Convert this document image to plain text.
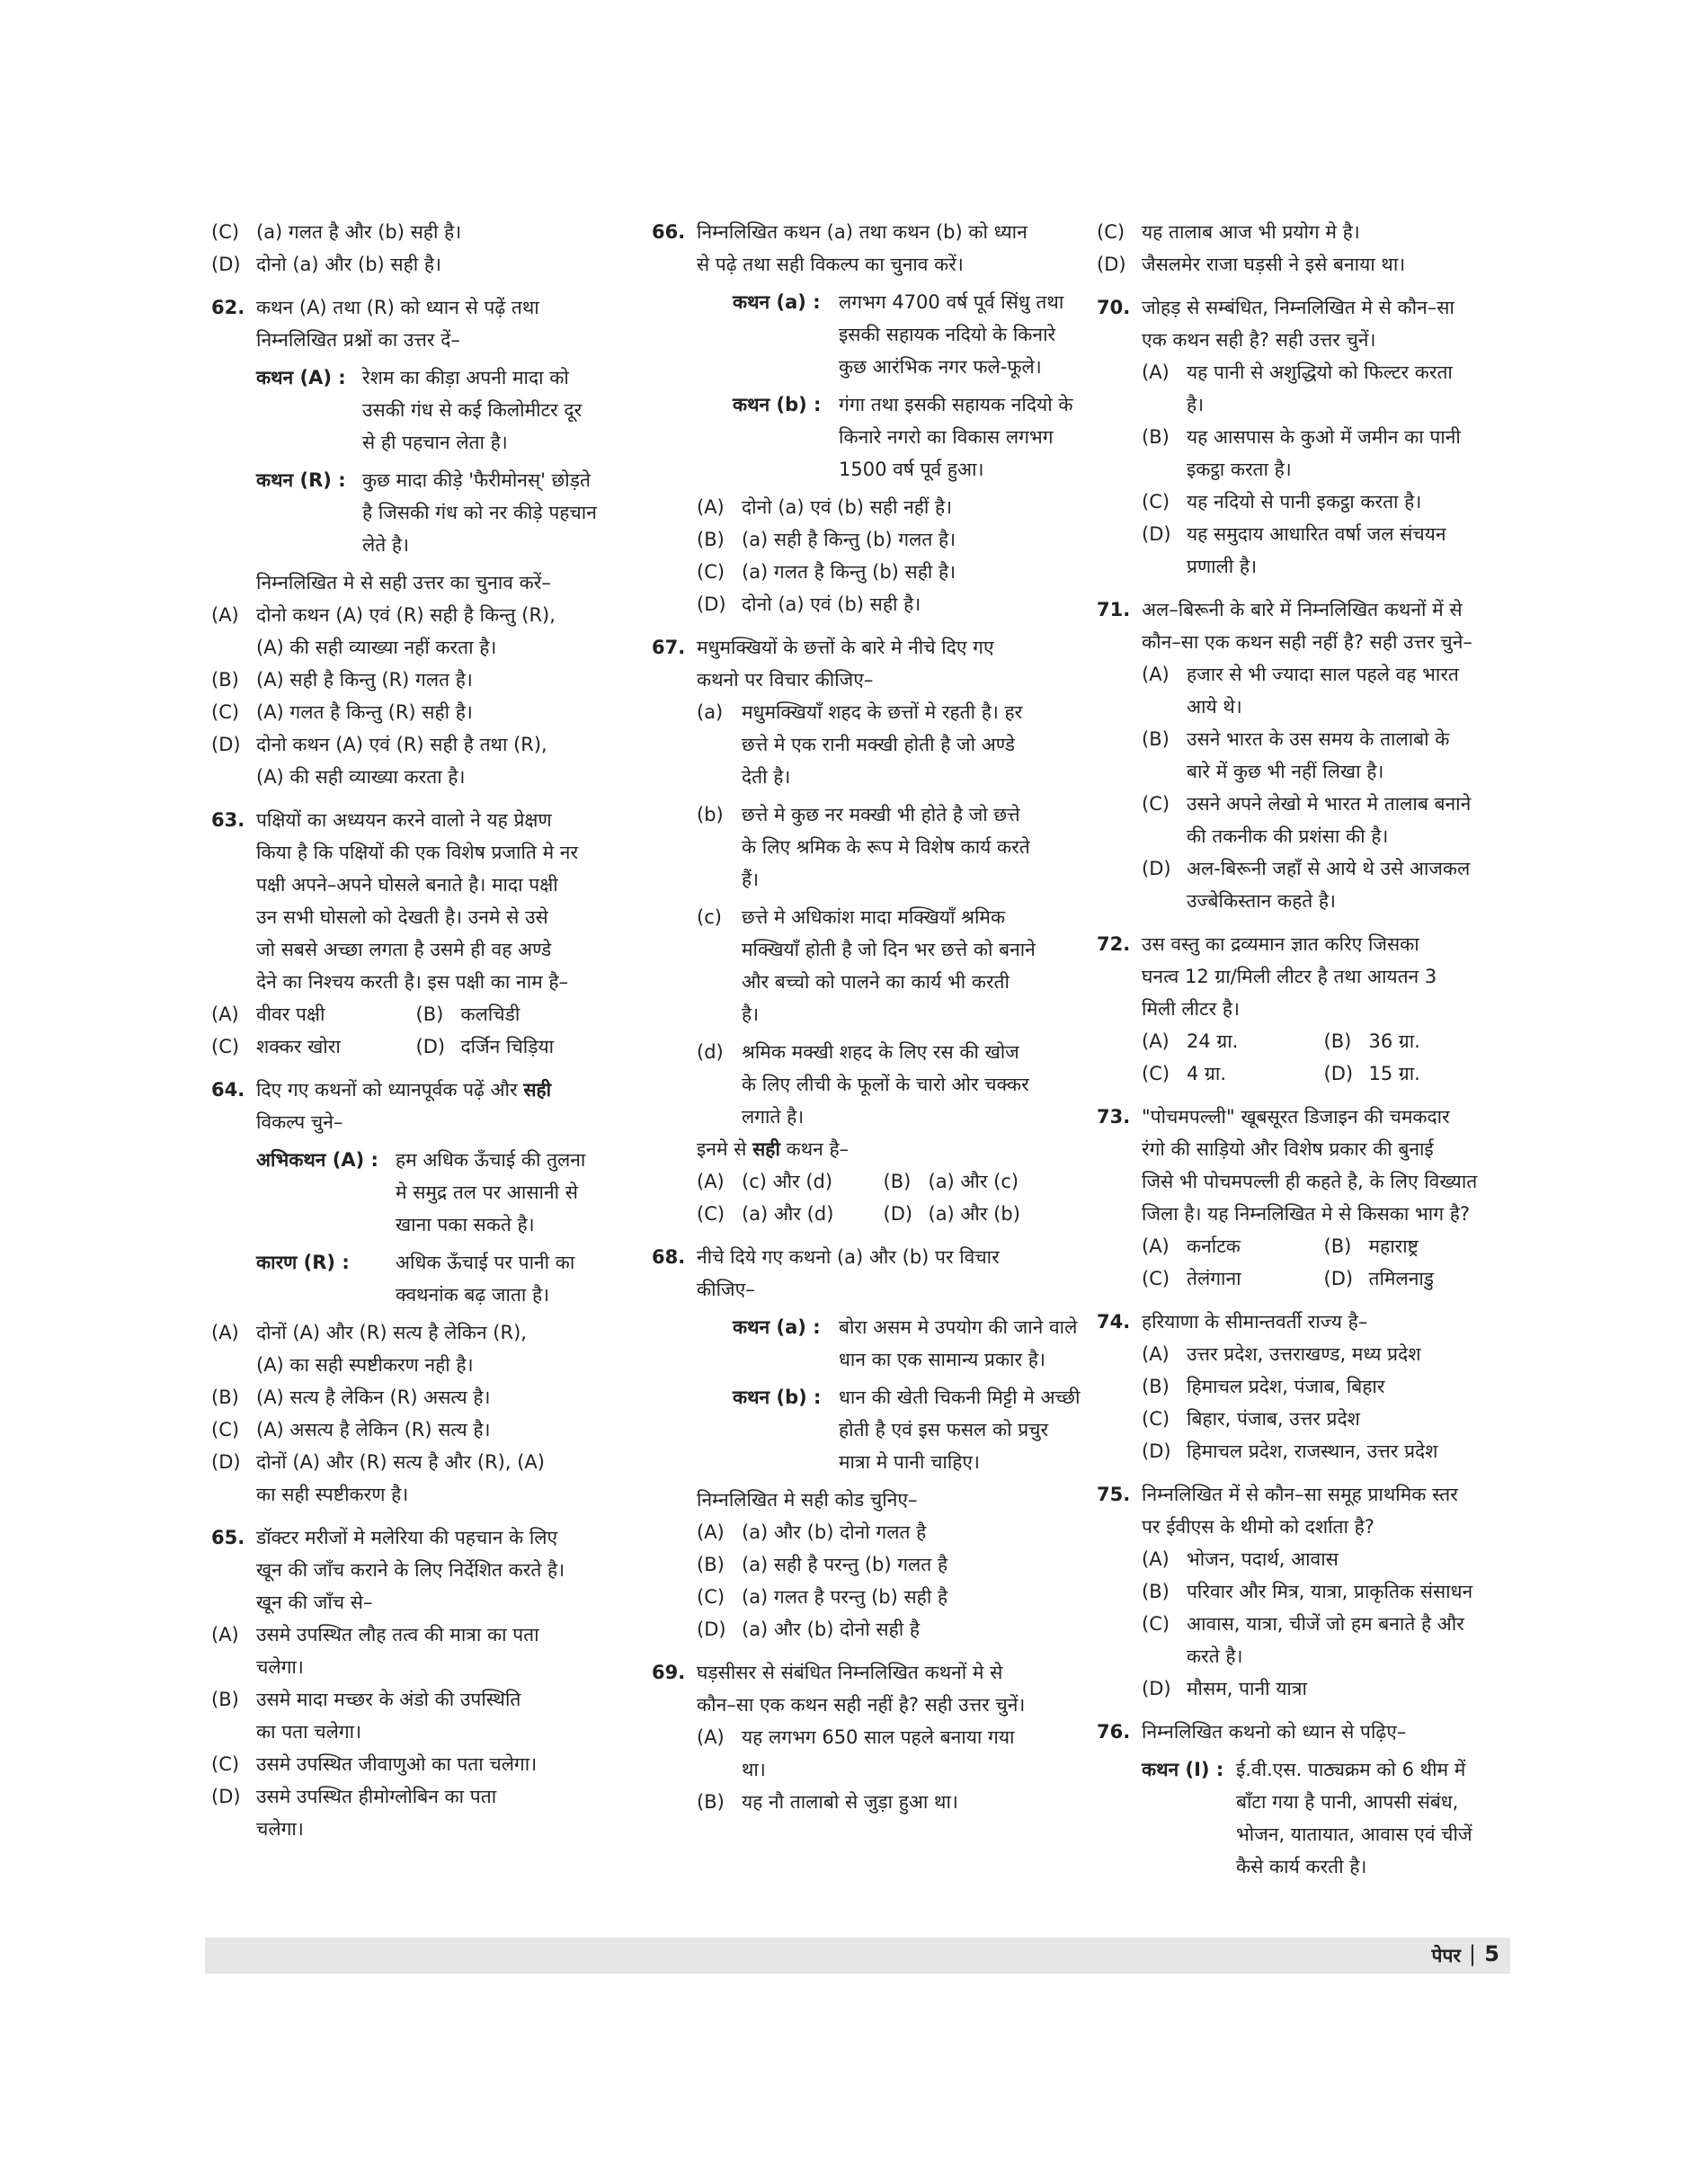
(C) (a) गलत है और (b) सही है।
(D) दोनो (a) और (b) सही है।
62. कथन (A) तथा (R) को ध्यान से पढ़ें तथा
निम्नलिखित प्रश्नों का उत्तर दें–
कथन (A) : रेशम का कीड़ा अपनी मादा को
उसकी गंध से कई किलोमीटर दूर
से ही पहचान लेता है।
कथन (R) : कुछ मादा कीड़े 'फैरीमोनस्' छोड़ते
है जिसकी गंध को नर कीड़े पहचान
लेते है।
निम्नलिखित मे से सही उत्तर का चुनाव करें–
(A) दोनो कथन (A) एवं (R) सही है किन्तु (R),
(A) की सही व्याख्या नहीं करता है।
(B) (A) सही है किन्तु (R) गलत है।
(C) (A) गलत है किन्तु (R) सही है।
(D) दोनो कथन (A) एवं (R) सही है तथा (R),
(A) की सही व्याख्या करता है।
63. पक्षियों का अध्ययन करने वालो ने यह प्रेक्षण
किया है कि पक्षियों की एक विशेष प्रजाति मे नर
पक्षी अपने–अपने घोसले बनाते है। मादा पक्षी
उन सभी घोसलो को देखती है। उनमे से उसे
जो सबसे अच्छा लगता है उसमे ही वह अण्डे
देने का निश्चय करती है। इस पक्षी का नाम है–
(A) वीवर पक्षी	(B) कलचिडी
(C) शक्कर खोरा	(D) दर्जिन चिड़िया
64. दिए गए कथनों को ध्यानपूर्वक पढ़ें और सही
विकल्प चुने–
अभिकथन (A) : हम अधिक ऊँचाई की तुलना
मे समुद्र तल पर आसानी से
खाना पका सकते है।
कारण (R) : अधिक ऊँचाई पर पानी का
क्वथनांक बढ़ जाता है।
(A) दोनों (A) और (R) सत्य है लेकिन (R),
(A) का सही स्पष्टीकरण नही है।
(B) (A) सत्य है लेकिन (R) असत्य है।
(C) (A) असत्य है लेकिन (R) सत्य है।
(D) दोनों (A) और (R) सत्य है और (R), (A)
का सही स्पष्टीकरण है।
65. डॉक्टर मरीजों मे मलेरिया की पहचान के लिए
खून की जॉंच कराने के लिए निर्देशित करते है।
खून की जॉंच से–
(A) उसमे उपस्थित लौह तत्व की मात्रा का पता
चलेगा।
(B) उसमे मादा मच्छर के अंडो की उपस्थिति
का पता चलेगा।
(C) उसमे उपस्थित जीवाणुओ का पता चलेगा।
(D) उसमे उपस्थित हीमोग्लोबिन का पता
चलेगा।
66. निम्नलिखित कथन (a) तथा कथन (b) को ध्यान
से पढ़े तथा सही विकल्प का चुनाव करें।
कथन (a) : लगभग 4700 वर्ष पूर्व सिंधु तथा
इसकी सहायक नदियो के किनारे
कुछ आरंभिक नगर फले-फूले।
कथन (b) : गंगा तथा इसकी सहायक नदियो के
किनारे नगरो का विकास लगभग
1500 वर्ष पूर्व हुआ।
(A) दोनो (a) एवं (b) सही नहीं है।
(B) (a) सही है किन्तु (b) गलत है।
(C) (a) गलत है किन्तु (b) सही है।
(D) दोनो (a) एवं (b) सही है।
67. मधुमक्खियों के छत्तों के बारे मे नीचे दिए गए
कथनो पर विचार कीजिए–
(a) मधुमक्खियाँ शहद के छत्तों मे रहती है। हर
छत्ते मे एक रानी मक्खी होती है जो अण्डे
देती है।
(b) छत्ते मे कुछ नर मक्खी भी होते है जो छत्ते
के लिए श्रमिक के रूप मे विशेष कार्य करते
हैं।
(c) छत्ते मे अधिकांश मादा मक्खियाँ श्रमिक
मक्खियाँ होती है जो दिन भर छत्ते को बनाने
और बच्चो को पालने का कार्य भी करती
है।
(d) श्रमिक मक्खी शहद के लिए रस की खोज
के लिए लीची के फूलों के चारो ओर चक्कर
लगाते है।
इनमे से सही कथन है–
(A) (c) और (d)	(B) (a) और (c)
(C) (a) और (d)	(D) (a) और (b)
68. नीचे दिये गए कथनो (a) और (b) पर विचार
कीजिए–
कथन (a) : बोरा असम मे उपयोग की जाने वाले
धान का एक सामान्य प्रकार है।
कथन (b) : धान की खेती चिकनी मिट्टी मे अच्छी
होती है एवं इस फसल को प्रचुर
मात्रा मे पानी चाहिए।
निम्नलिखित मे सही कोड चुनिए–
(A) (a) और (b) दोनो गलत है
(B) (a) सही है परन्तु (b) गलत है
(C) (a) गलत है परन्तु (b) सही है
(D) (a) और (b) दोनो सही है
69. घड़सीसर से संबंधित निम्नलिखित कथनों मे से
कौन–सा एक कथन सही नहीं है? सही उत्तर चुनें।
(A) यह लगभग 650 साल पहले बनाया गया
था।
(B) यह नौ तालाबो से जुड़ा हुआ था।
(C) यह तालाब आज भी प्रयोग मे है।
(D) जैसलमेर राजा घड़सी ने इसे बनाया था।
70. जोहड़ से सम्बंधित, निम्नलिखित मे से कौन–सा
एक कथन सही है? सही उत्तर चुनें।
(A) यह पानी से अशुद्धियो को फिल्टर करता
है।
(B) यह आसपास के कुओ में जमीन का पानी
इकट्ठा करता है।
(C) यह नदियो से पानी इकट्ठा करता है।
(D) यह समुदाय आधारित वर्षा जल संचयन
प्रणाली है।
71. अल–बिरूनी के बारे में निम्नलिखित कथनों में से
कौन–सा एक कथन सही नहीं है? सही उत्तर चुने–
(A) हजार से भी ज्यादा साल पहले वह भारत
आये थे।
(B) उसने भारत के उस समय के तालाबो के
बारे में कुछ भी नहीं लिखा है।
(C) उसने अपने लेखो मे भारत मे तालाब बनाने
की तकनीक की प्रशंसा की है।
(D) अल-बिरूनी जहाँ से आये थे उसे आजकल
उज्बेकिस्तान कहते है।
72. उस वस्तु का द्रव्यमान ज्ञात करिए जिसका
घनत्व 12 ग्रा/मिली लीटर है तथा आयतन 3
मिली लीटर है।
(A) 24 ग्रा.	(B) 36 ग्रा.
(C) 4 ग्रा.	(D) 15 ग्रा.
73. "पोचमपल्ली" खूबसूरत डिजाइन की चमकदार
रंगो की साड़ियो और विशेष प्रकार की बुनाई
जिसे भी पोचमपल्ली ही कहते है, के लिए विख्यात
जिला है। यह निम्नलिखित मे से किसका भाग है?
(A) कर्नाटक	(B) महाराष्ट्र
(C) तेलंगाना	(D) तमिलनाडु
74. हरियाणा के सीमान्तवर्ती राज्य है–
(A) उत्तर प्रदेश, उत्तराखण्ड, मध्य प्रदेश
(B) हिमाचल प्रदेश, पंजाब, बिहार
(C) बिहार, पंजाब, उत्तर प्रदेश
(D) हिमाचल प्रदेश, राजस्थान, उत्तर प्रदेश
75. निम्नलिखित में से कौन–सा समूह प्राथमिक स्तर
पर ईवीएस के थीमो को दर्शाता है?
(A) भोजन, पदार्थ, आवास
(B) परिवार और मित्र, यात्रा, प्राकृतिक संसाधन
(C) आवास, यात्रा, चीजें जो हम बनाते है और
करते है।
(D) मौसम, पानी यात्रा
76. निम्नलिखित कथनो को ध्यान से पढ़िए–
कथन (I) : ई.वी.एस. पाठ्यक्रम को 6 थीम में
बाँटा गया है पानी, आपसी संबंध,
भोजन, यातायात, आवास एवं चीजें
कैसे कार्य करती है।
पेपर | 5
